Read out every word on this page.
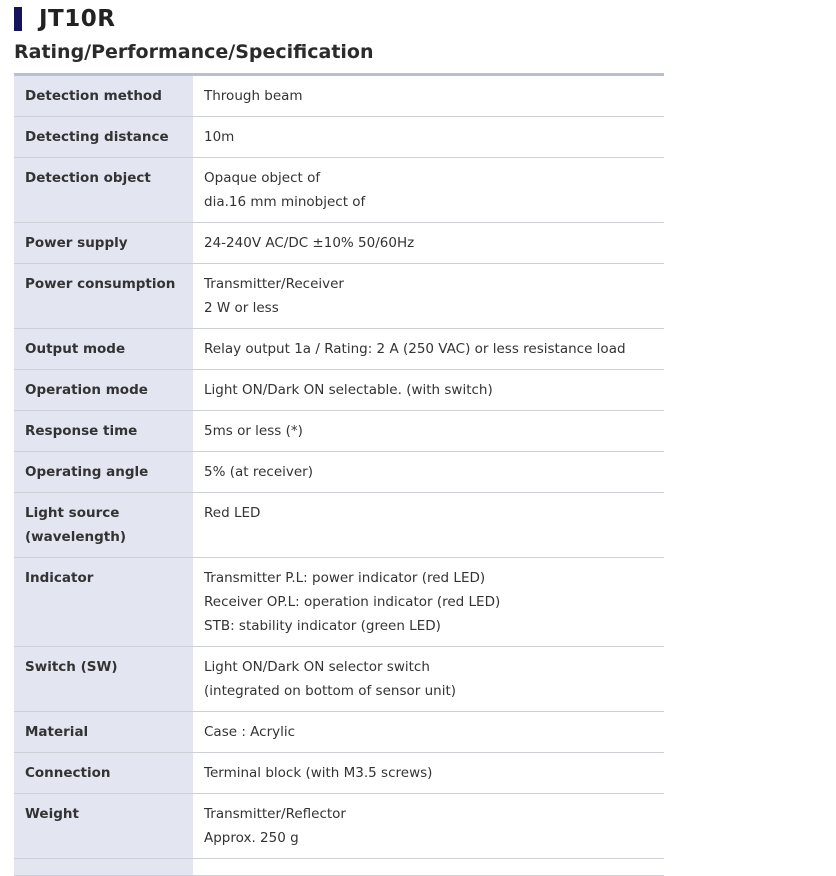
JT10R
Rating/Performance/Specification
Detection method	Through beam

Detecting distance	10m

Detection object	Opaque object of
dia.16 mm minobject of

Power supply	24-240V AC/DC ±10% 50/60Hz

Power consumption	Transmitter/Receiver
2 W or less

Output mode	Relay output 1a / Rating: 2 A (250 VAC) or less resistance load

Operation mode	Light ON/Dark ON selectable. (with switch)

Response time	5ms or less (*)

Operating angle	5% (at receiver)

Light source (wavelength)	Red LED

Indicator	Transmitter P.L: power indicator (red LED)
Receiver OP.L: operation indicator (red LED)
STB: stability indicator (green LED)

Switch (SW)	Light ON/Dark ON selector switch
(integrated on bottom of sensor unit)

Material	Case : Acrylic

Connection	Terminal block (with M3.5 screws)

Weight	Transmitter/Reflector
Approx. 250 g
